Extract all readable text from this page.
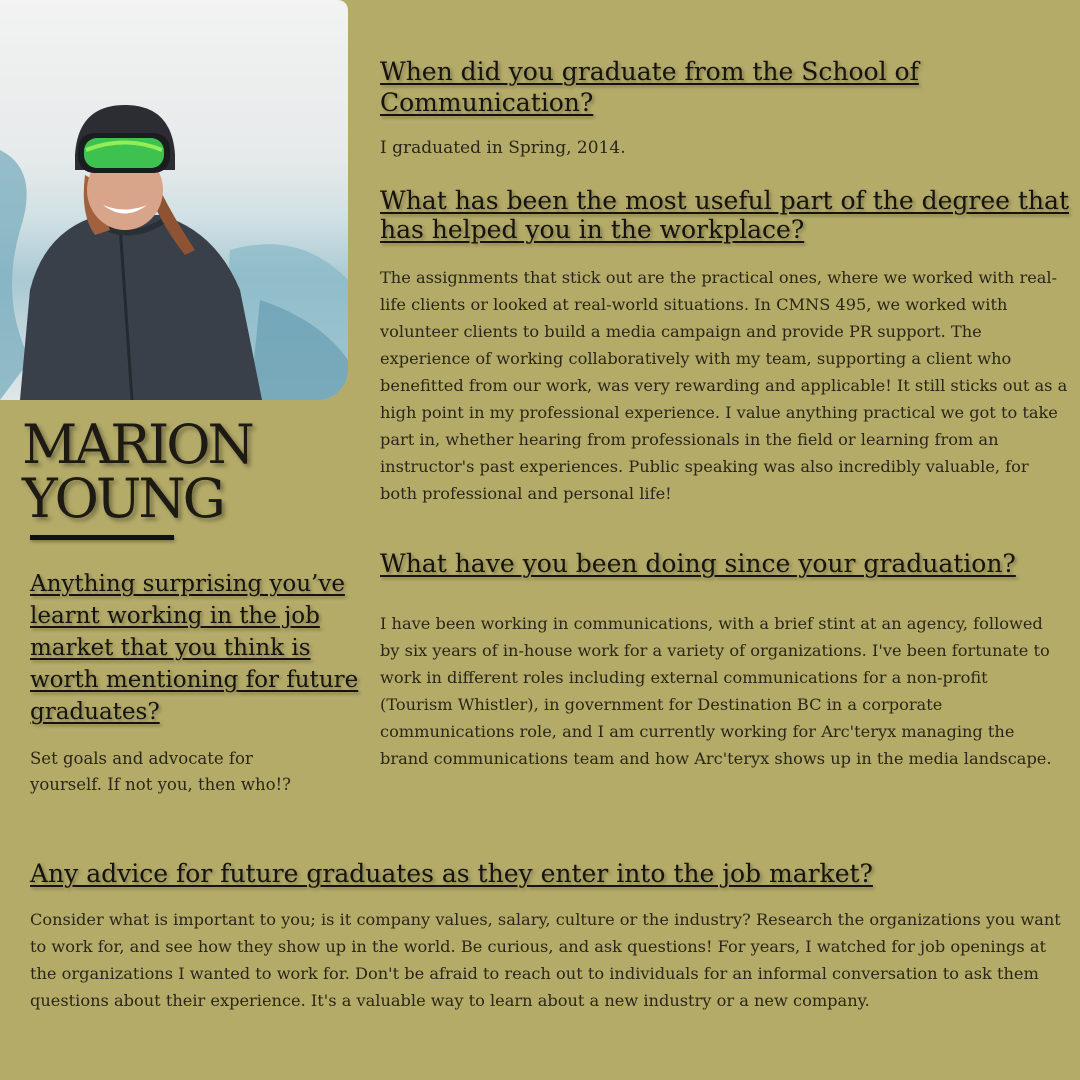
MARION
YOUNG
When did you graduate from the School of Communication?

I graduated in Spring, 2014.

What has been the most useful part of the degree that has helped you in the workplace?

The assignments that stick out are the practical ones, where we worked with real-life clients or looked at real-world situations. In CMNS 495, we worked with volunteer clients to build a media campaign and provide PR support. The experience of working collaboratively with my team, supporting a client who benefitted from our work, was very rewarding and applicable! It still sticks out as a high point in my professional experience. I value anything practical we got to take part in, whether hearing from professionals in the field or learning from an instructor's past experiences. Public speaking was also incredibly valuable, for both professional and personal life!

What have you been doing since your graduation?

I have been working in communications, with a brief stint at an agency, followed by six years of in-house work for a variety of organizations. I've been fortunate to work in different roles including external communications for a non-profit (Tourism Whistler), in government for Destination BC in a corporate communications role, and I am currently working for Arc'teryx managing the brand communications team and how Arc'teryx shows up in the media landscape.

Anything surprising you’ve learnt working in the job market that you think is worth mentioning for future graduates?

Set goals and advocate for yourself. If not you, then who!?

Any advice for future graduates as they enter into the job market?

Consider what is important to you; is it company values, salary, culture or the industry? Research the organizations you want to work for, and see how they show up in the world. Be curious, and ask questions! For years, I watched for job openings at the organizations I wanted to work for. Don't be afraid to reach out to individuals for an informal conversation to ask them questions about their experience. It's a valuable way to learn about a new industry or a new company.
